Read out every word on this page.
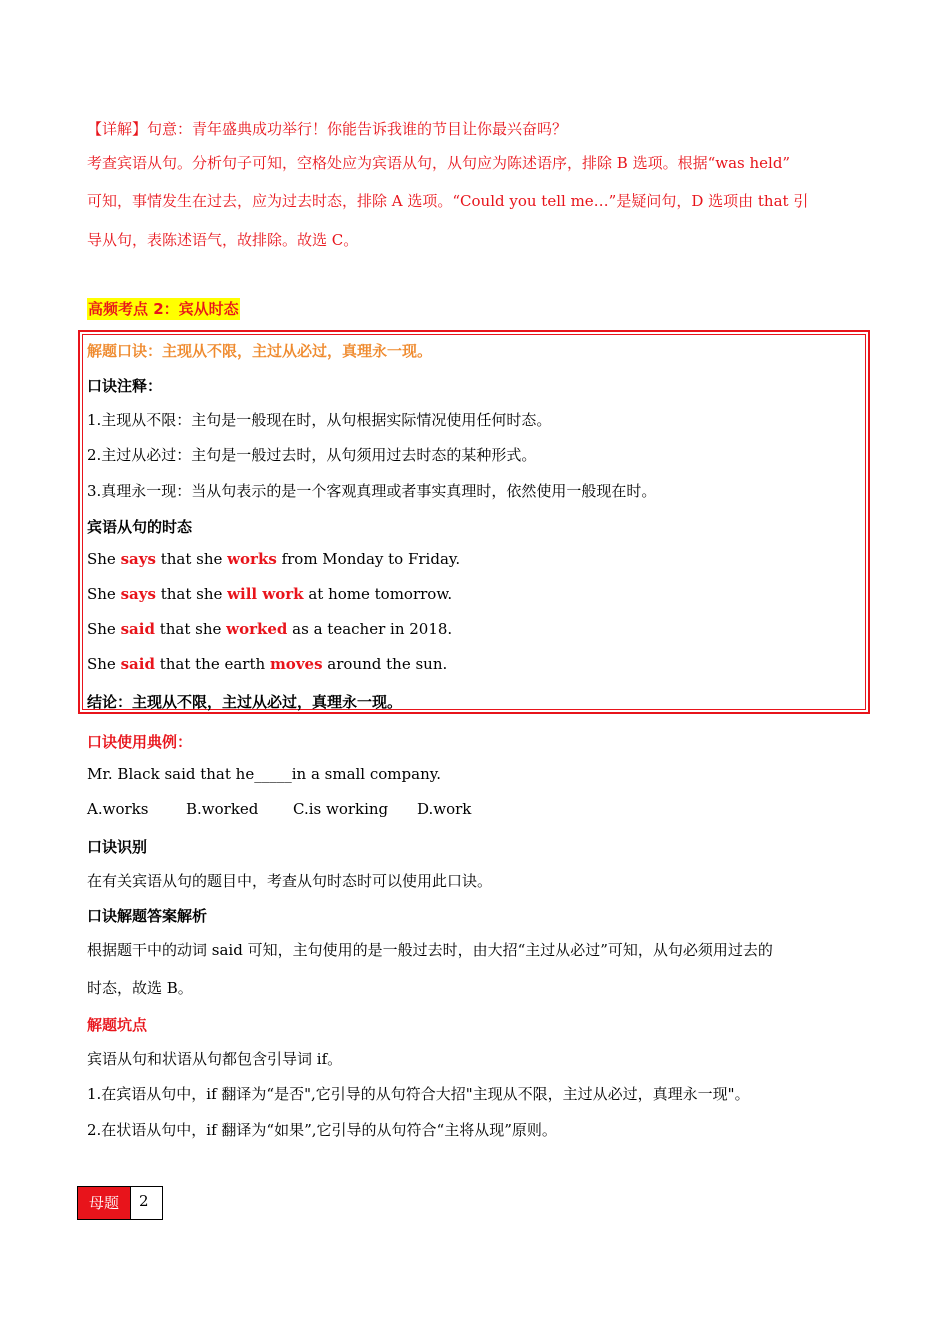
【详解】句意：青年盛典成功举行！你能告诉我谁的节目让你最兴奋吗？
考查宾语从句。分析句子可知，空格处应为宾语从句，从句应为陈述语序，排除 B 选项。根据“was held”
可知，事情发生在过去，应为过去时态，排除 A 选项。“Could you tell me…”是疑问句，D 选项由 that 引
导从句，表陈述语气，故排除。故选 C。
高频考点 2：宾从时态
解题口诀：主现从不限，主过从必过，真理永一现。
口诀注释：
1.主现从不限：主句是一般现在时，从句根据实际情况使用任何时态。
2.主过从必过：主句是一般过去时，从句须用过去时态的某种形式。
3.真理永一现：当从句表示的是一个客观真理或者事实真理时，依然使用一般现在时。
宾语从句的时态
She says that she works from Monday to Friday.
She says that she will work at home tomorrow.
She said that she worked as a teacher in 2018.
She said that the earth moves around the sun.
结论：主现从不限，主过从必过，真理永一现。
口诀使用典例：
Mr. Black said that he_____in a small company.
A.works	B.worked C.is working D.work
口诀识别
在有关宾语从句的题目中，考查从句时态时可以使用此口诀。
口诀解题答案解析
根据题干中的动词 said 可知，主句使用的是一般过去时，由大招“主过从必过”可知，从句必须用过去的
时态，故选 B。
解题坑点
宾语从句和状语从句都包含引导词 if。
1.在宾语从句中，if 翻译为“是否",它引导的从句符合大招"主现从不限，主过从必过，真理永一现"。
2.在状语从句中，if 翻译为“如果”,它引导的从句符合“主将从现”原则。
母题	2
